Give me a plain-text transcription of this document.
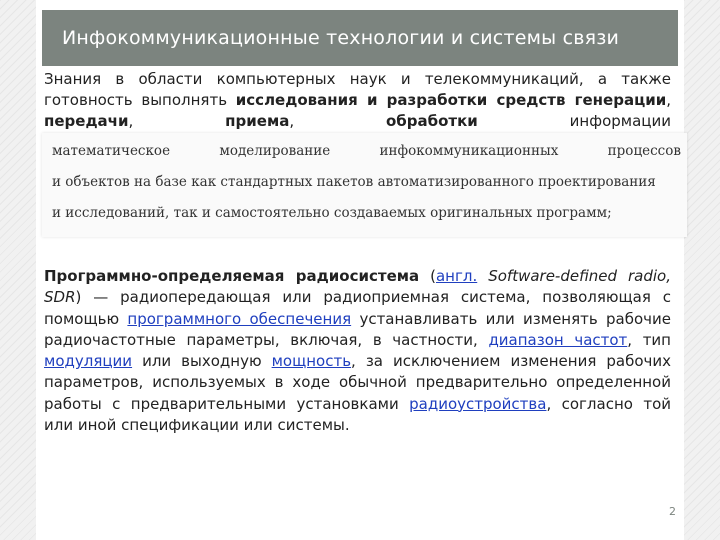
Инфокоммуникационные технологии и системы связи
Знания в области компьютерных наук и телекоммуникаций, а также готовность выполнять исследования и разработки средств генерации, передачи, приема, обработки информации
математическое	моделирование	инфокоммуникационных	процессов
и объектов на базе как стандартных пакетов автоматизированного проектирования
и исследований, так и самостоятельно создаваемых оригинальных программ;
Программно-определяемая радиосистема (англ. Software-defined radio, SDR) — радиопередающая или радиоприемная система, позволяющая с помощью программного обеспечения устанавливать или изменять рабочие радиочастотные параметры, включая, в частности, диапазон частот, тип модуляции или выходную мощность, за исключением изменения рабочих параметров, используемых в ходе обычной предварительно определенной работы с предварительными установками радиоустройства, согласно той или иной спецификации или системы.
2
